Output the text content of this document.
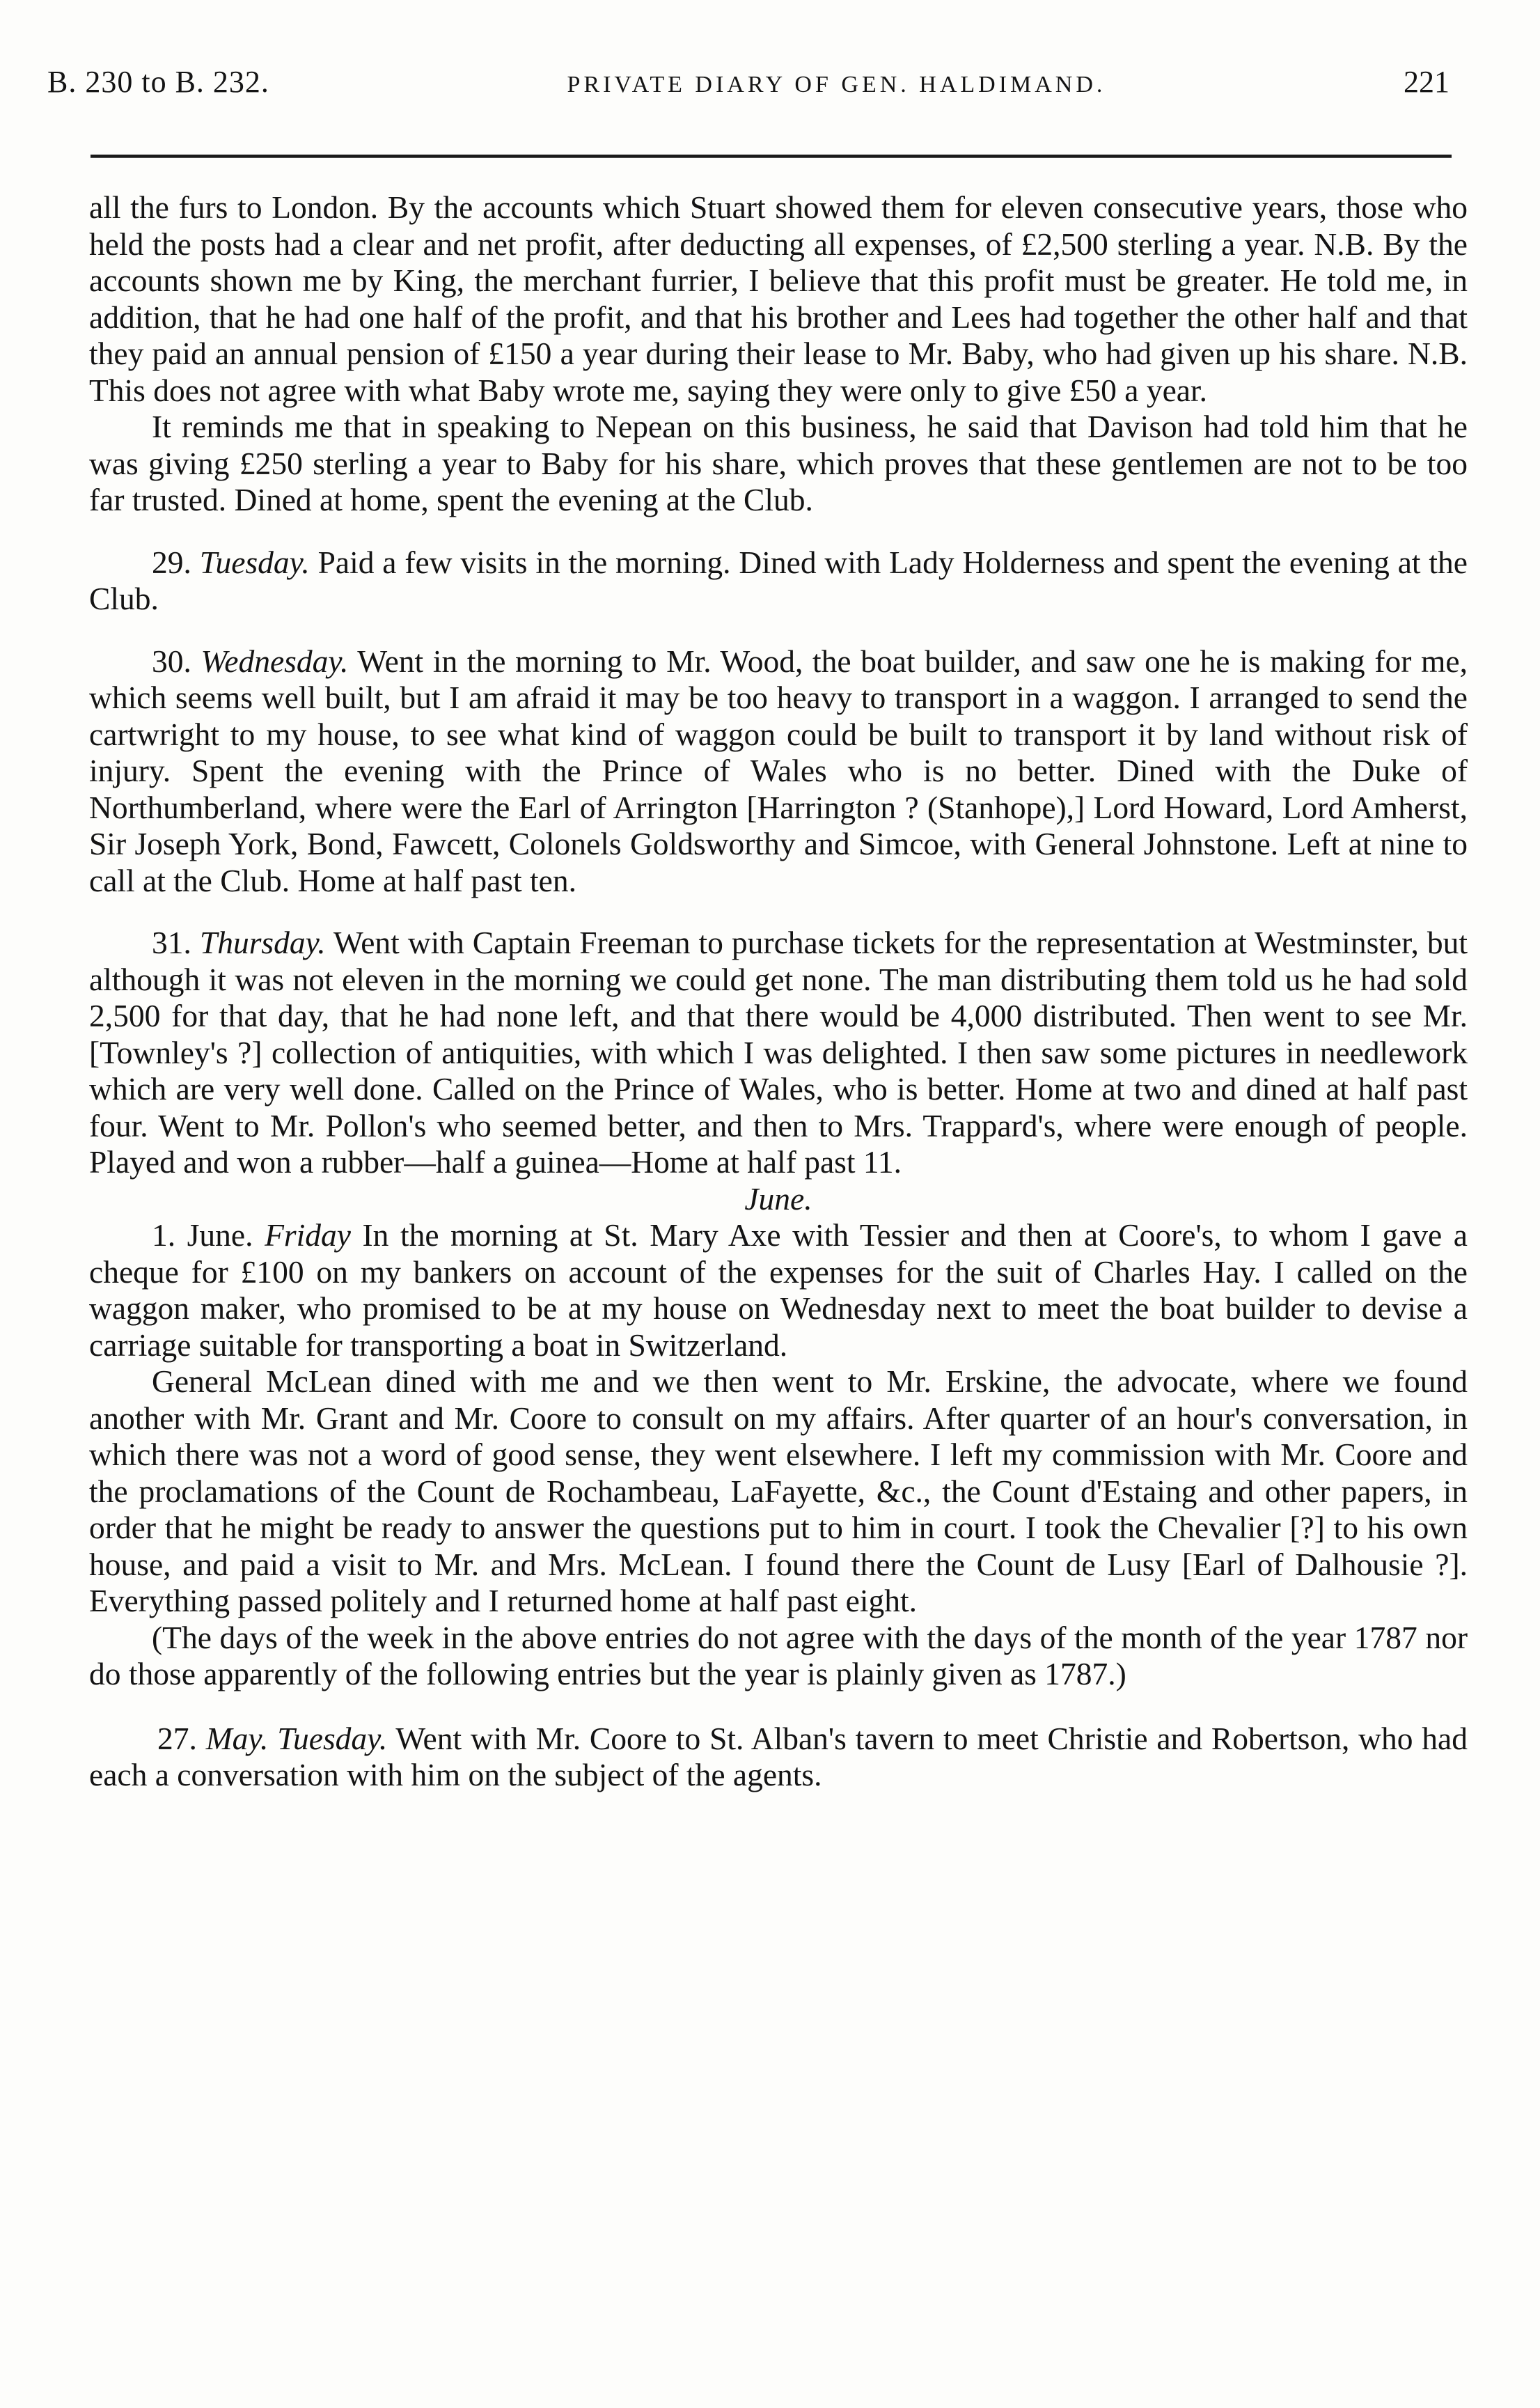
B. 230 to B. 232.	PRIVATE DIARY OF GEN. HALDIMAND.	221

all the furs to London. By the accounts which Stuart showed them for eleven consecutive years, those who held the posts had a clear and net profit, after deducting all expenses, of £2,500 sterling a year. N.B. By the accounts shown me by King, the merchant furrier, I believe that this profit must be greater. He told me, in addition, that he had one half of the profit, and that his brother and Lees had together the other half and that they paid an annual pension of £150 a year during their lease to Mr. Baby, who had given up his share. N.B. This does not agree with what Baby wrote me, saying they were only to give £50 a year.

It reminds me that in speaking to Nepean on this business, he said that Davison had told him that he was giving £250 sterling a year to Baby for his share, which proves that these gentlemen are not to be too far trusted. Dined at home, spent the evening at the Club.

29. Tuesday. Paid a few visits in the morning. Dined with Lady Holderness and spent the evening at the Club.

30. Wednesday. Went in the morning to Mr. Wood, the boat builder, and saw one he is making for me, which seems well built, but I am afraid it may be too heavy to transport in a waggon. I arranged to send the cartwright to my house, to see what kind of waggon could be built to transport it by land without risk of injury. Spent the evening with the Prince of Wales who is no better. Dined with the Duke of Northumberland, where were the Earl of Arrington [Harrington ? (Stanhope),] Lord Howard, Lord Amherst, Sir Joseph York, Bond, Fawcett, Colonels Goldsworthy and Simcoe, with General Johnstone. Left at nine to call at the Club. Home at half past ten.

31. Thursday. Went with Captain Freeman to purchase tickets for the representation at Westminster, but although it was not eleven in the morning we could get none. The man distributing them told us he had sold 2,500 for that day, that he had none left, and that there would be 4,000 distributed. Then went to see Mr. [Townley's ?] collection of antiquities, with which I was delighted. I then saw some pictures in needlework which are very well done. Called on the Prince of Wales, who is better. Home at two and dined at half past four. Went to Mr. Pollon's who seemed better, and then to Mrs. Trappard's, where were enough of people. Played and won a rubber—half a guinea—Home at half past 11.

June.

1. June. Friday In the morning at St. Mary Axe with Tessier and then at Coore's, to whom I gave a cheque for £100 on my bankers on account of the expenses for the suit of Charles Hay. I called on the waggon maker, who promised to be at my house on Wednesday next to meet the boat builder to devise a carriage suitable for transporting a boat in Switzerland.

General McLean dined with me and we then went to Mr. Erskine, the advocate, where we found another with Mr. Grant and Mr. Coore to consult on my affairs. After quarter of an hour's conversation, in which there was not a word of good sense, they went elsewhere. I left my commission with Mr. Coore and the proclamations of the Count de Rochambeau, LaFayette, &c., the Count d'Estaing and other papers, in order that he might be ready to answer the questions put to him in court. I took the Chevalier [?] to his own house, and paid a visit to Mr. and Mrs. McLean. I found there the Count de Lusy [Earl of Dalhousie ?]. Everything passed politely and I returned home at half past eight.

(The days of the week in the above entries do not agree with the days of the month of the year 1787 nor do those apparently of the following entries but the year is plainly given as 1787.)

27. May. Tuesday. Went with Mr. Coore to St. Alban's tavern to meet Christie and Robertson, who had each a conversation with him on the subject of the agents.
